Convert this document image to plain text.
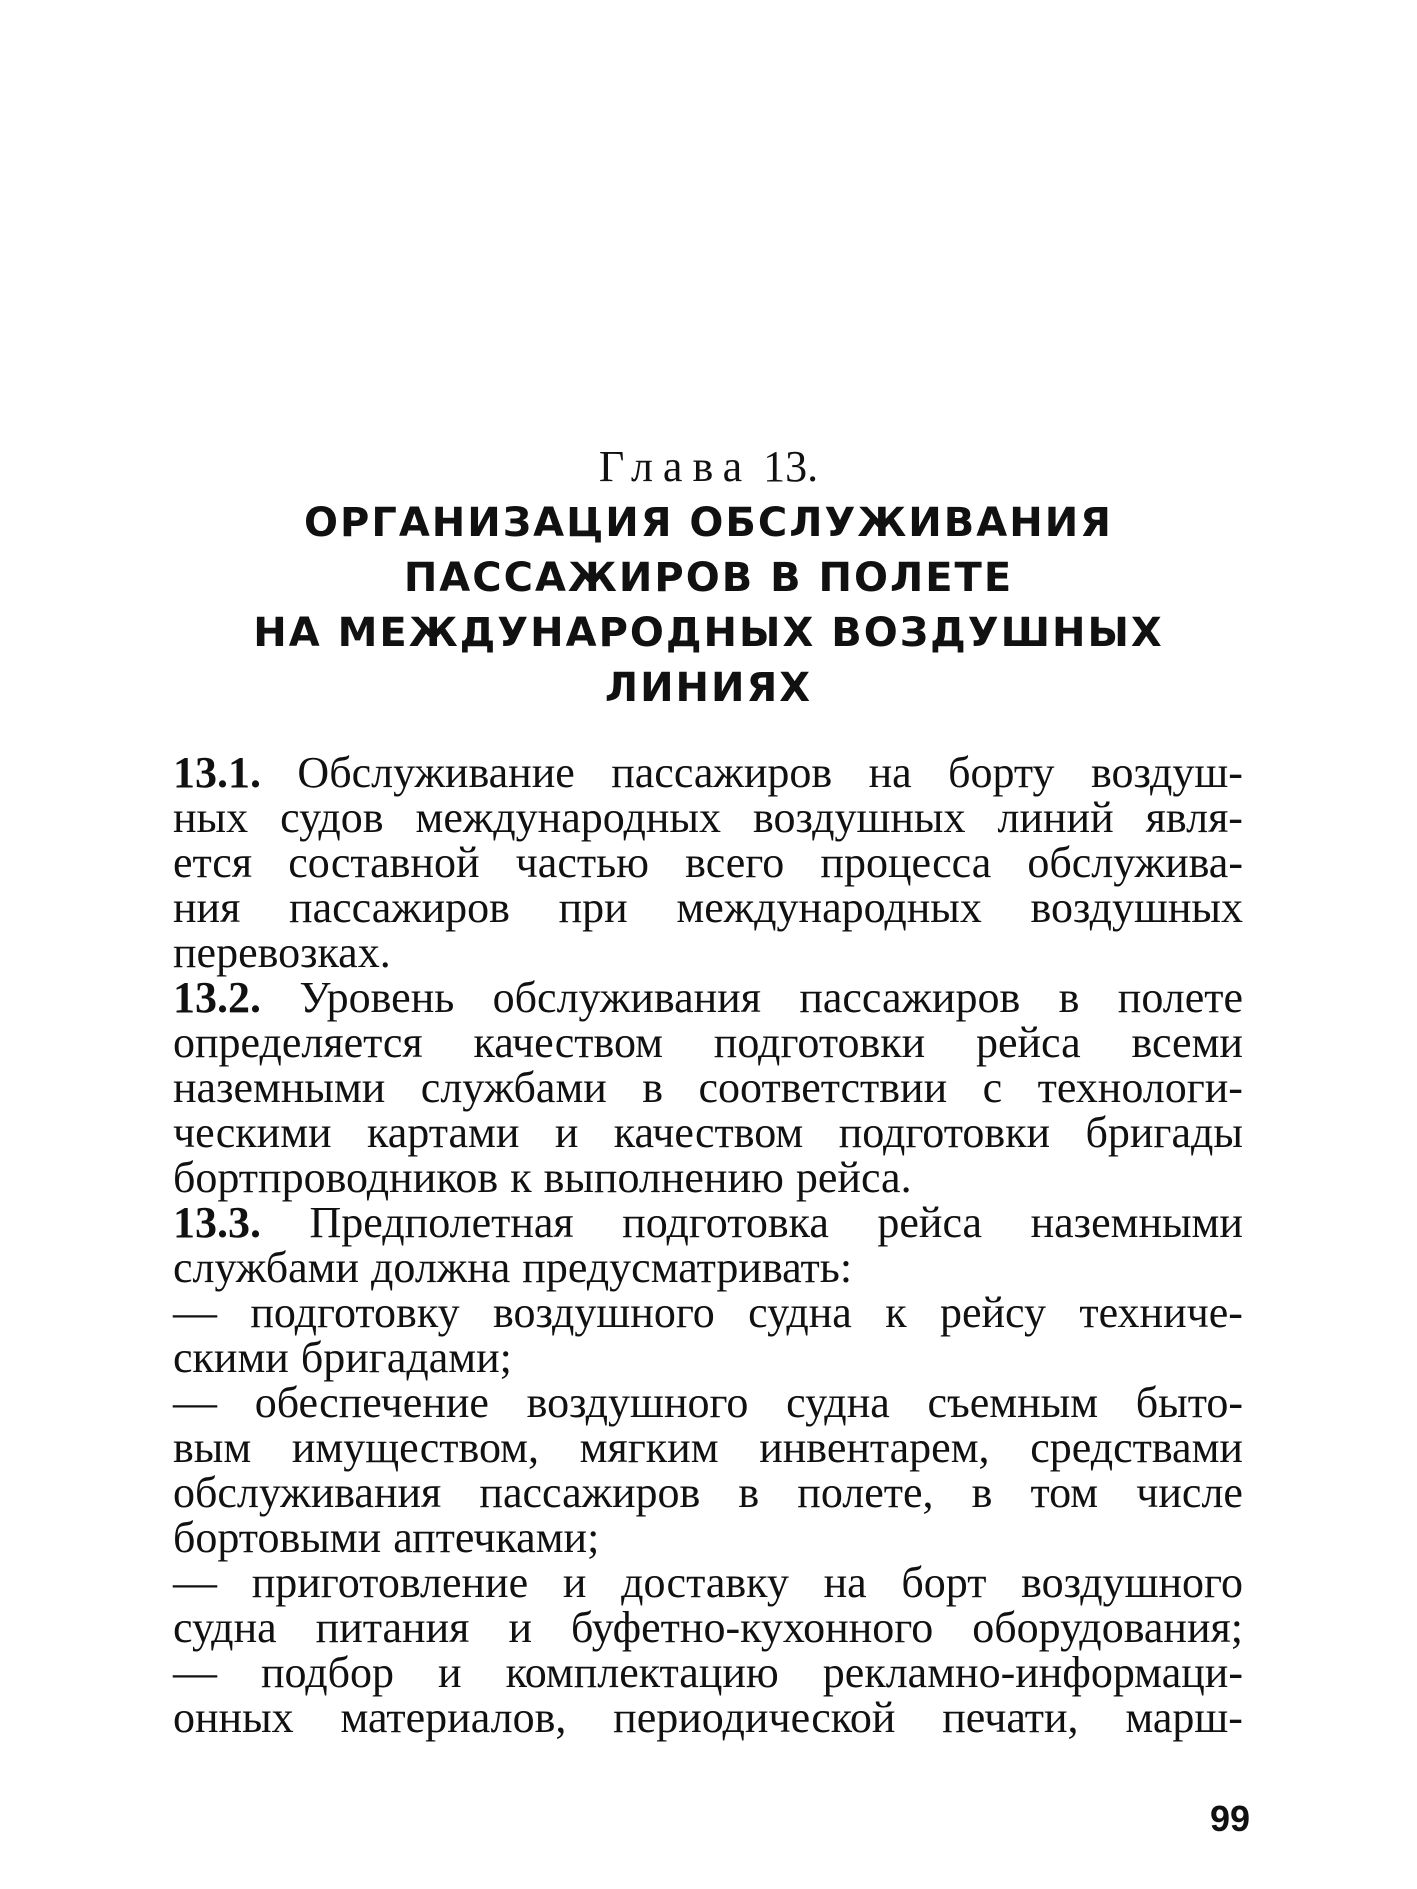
Глава 13.
ОРГАНИЗАЦИЯ ОБСЛУЖИВАНИЯ
ПАССАЖИРОВ В ПОЛЕТЕ
НА МЕЖДУНАРОДНЫХ ВОЗДУШНЫХ
ЛИНИЯХ
13.1. Обслуживание пассажиров на борту воздуш-
ных судов международных воздушных линий явля-
ется составной частью всего процесса обслужива-
ния пассажиров при международных воздушных
перевозках.
13.2. Уровень обслуживания пассажиров в полете
определяется качеством подготовки рейса всеми
наземными службами в соответствии с технологи-
ческими картами и качеством подготовки бригады
бортпроводников к выполнению рейса.
13.3. Предполетная подготовка рейса наземными
службами должна предусматривать:
— подготовку воздушного судна к рейсу техниче-
скими бригадами;
— обеспечение воздушного судна съемным быто-
вым имуществом, мягким инвентарем, средствами
обслуживания пассажиров в полете, в том числе
бортовыми аптечками;
— приготовление и доставку на борт воздушного
судна питания и буфетно-кухонного оборудования;
— подбор и комплектацию рекламно-информаци-
онных материалов, периодической печати, марш-
99
